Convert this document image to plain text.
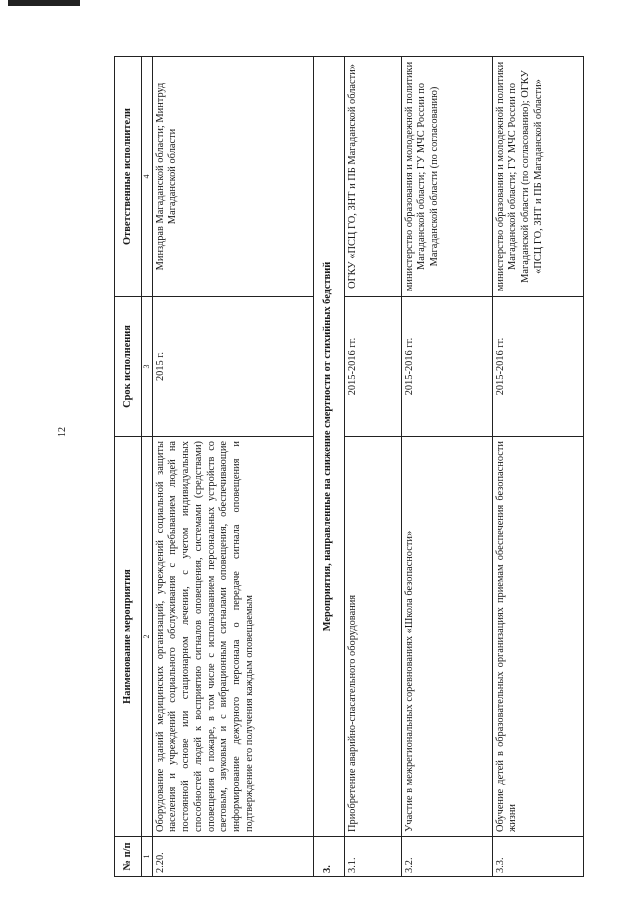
12
№ п/п	Наименование мероприятия	Срок исполнения	Ответственные исполнители
1	2	3	4
2.20.	Оборудование зданий медицинских организаций, учреждений социальной защиты населения и учреждений социального обслуживания с пребыванием людей на постоянной основе или стационарном лечении, с учетом индивидуальных способностей людей к восприятию сигналов оповещения, системами (средствами) оповещения о пожаре, в том числе с использованием персональных устройств со световым, звуковым и с вибрационным сигналами оповещения, обеспечивающие информирование дежурного персонала о передаче сигнала оповещения и подтверждение его получения каждым оповещаемым	2015 г.	Минздрав Магаданской области; Минтруд Магаданской области
3.	Мероприятия, направленные на снижение смертности от стихийных бедствий		
3.1.	Приобретение аварийно-спасательного оборудования	2015-2016 гг.	ОГКУ «ПСЦ ГО, ЗНТ и ПБ Магаданской области»
3.2.	Участие в межрегиональных соревнованиях «Школа безопасности»	2015-2016 гг.	министерство образования и молодежной политики Магаданской области; ГУ МЧС России по Магаданской области (по согласованию)
3.3.	Обучение детей в образовательных организациях приемам обеспечения безопасности жизни	2015-2016 гг.	министерство образования и молодежной политики Магаданской области; ГУ МЧС России по Магаданской области (по согласованию); ОГКУ «ПСЦ ГО, ЗНТ и ПБ Магаданской области»
